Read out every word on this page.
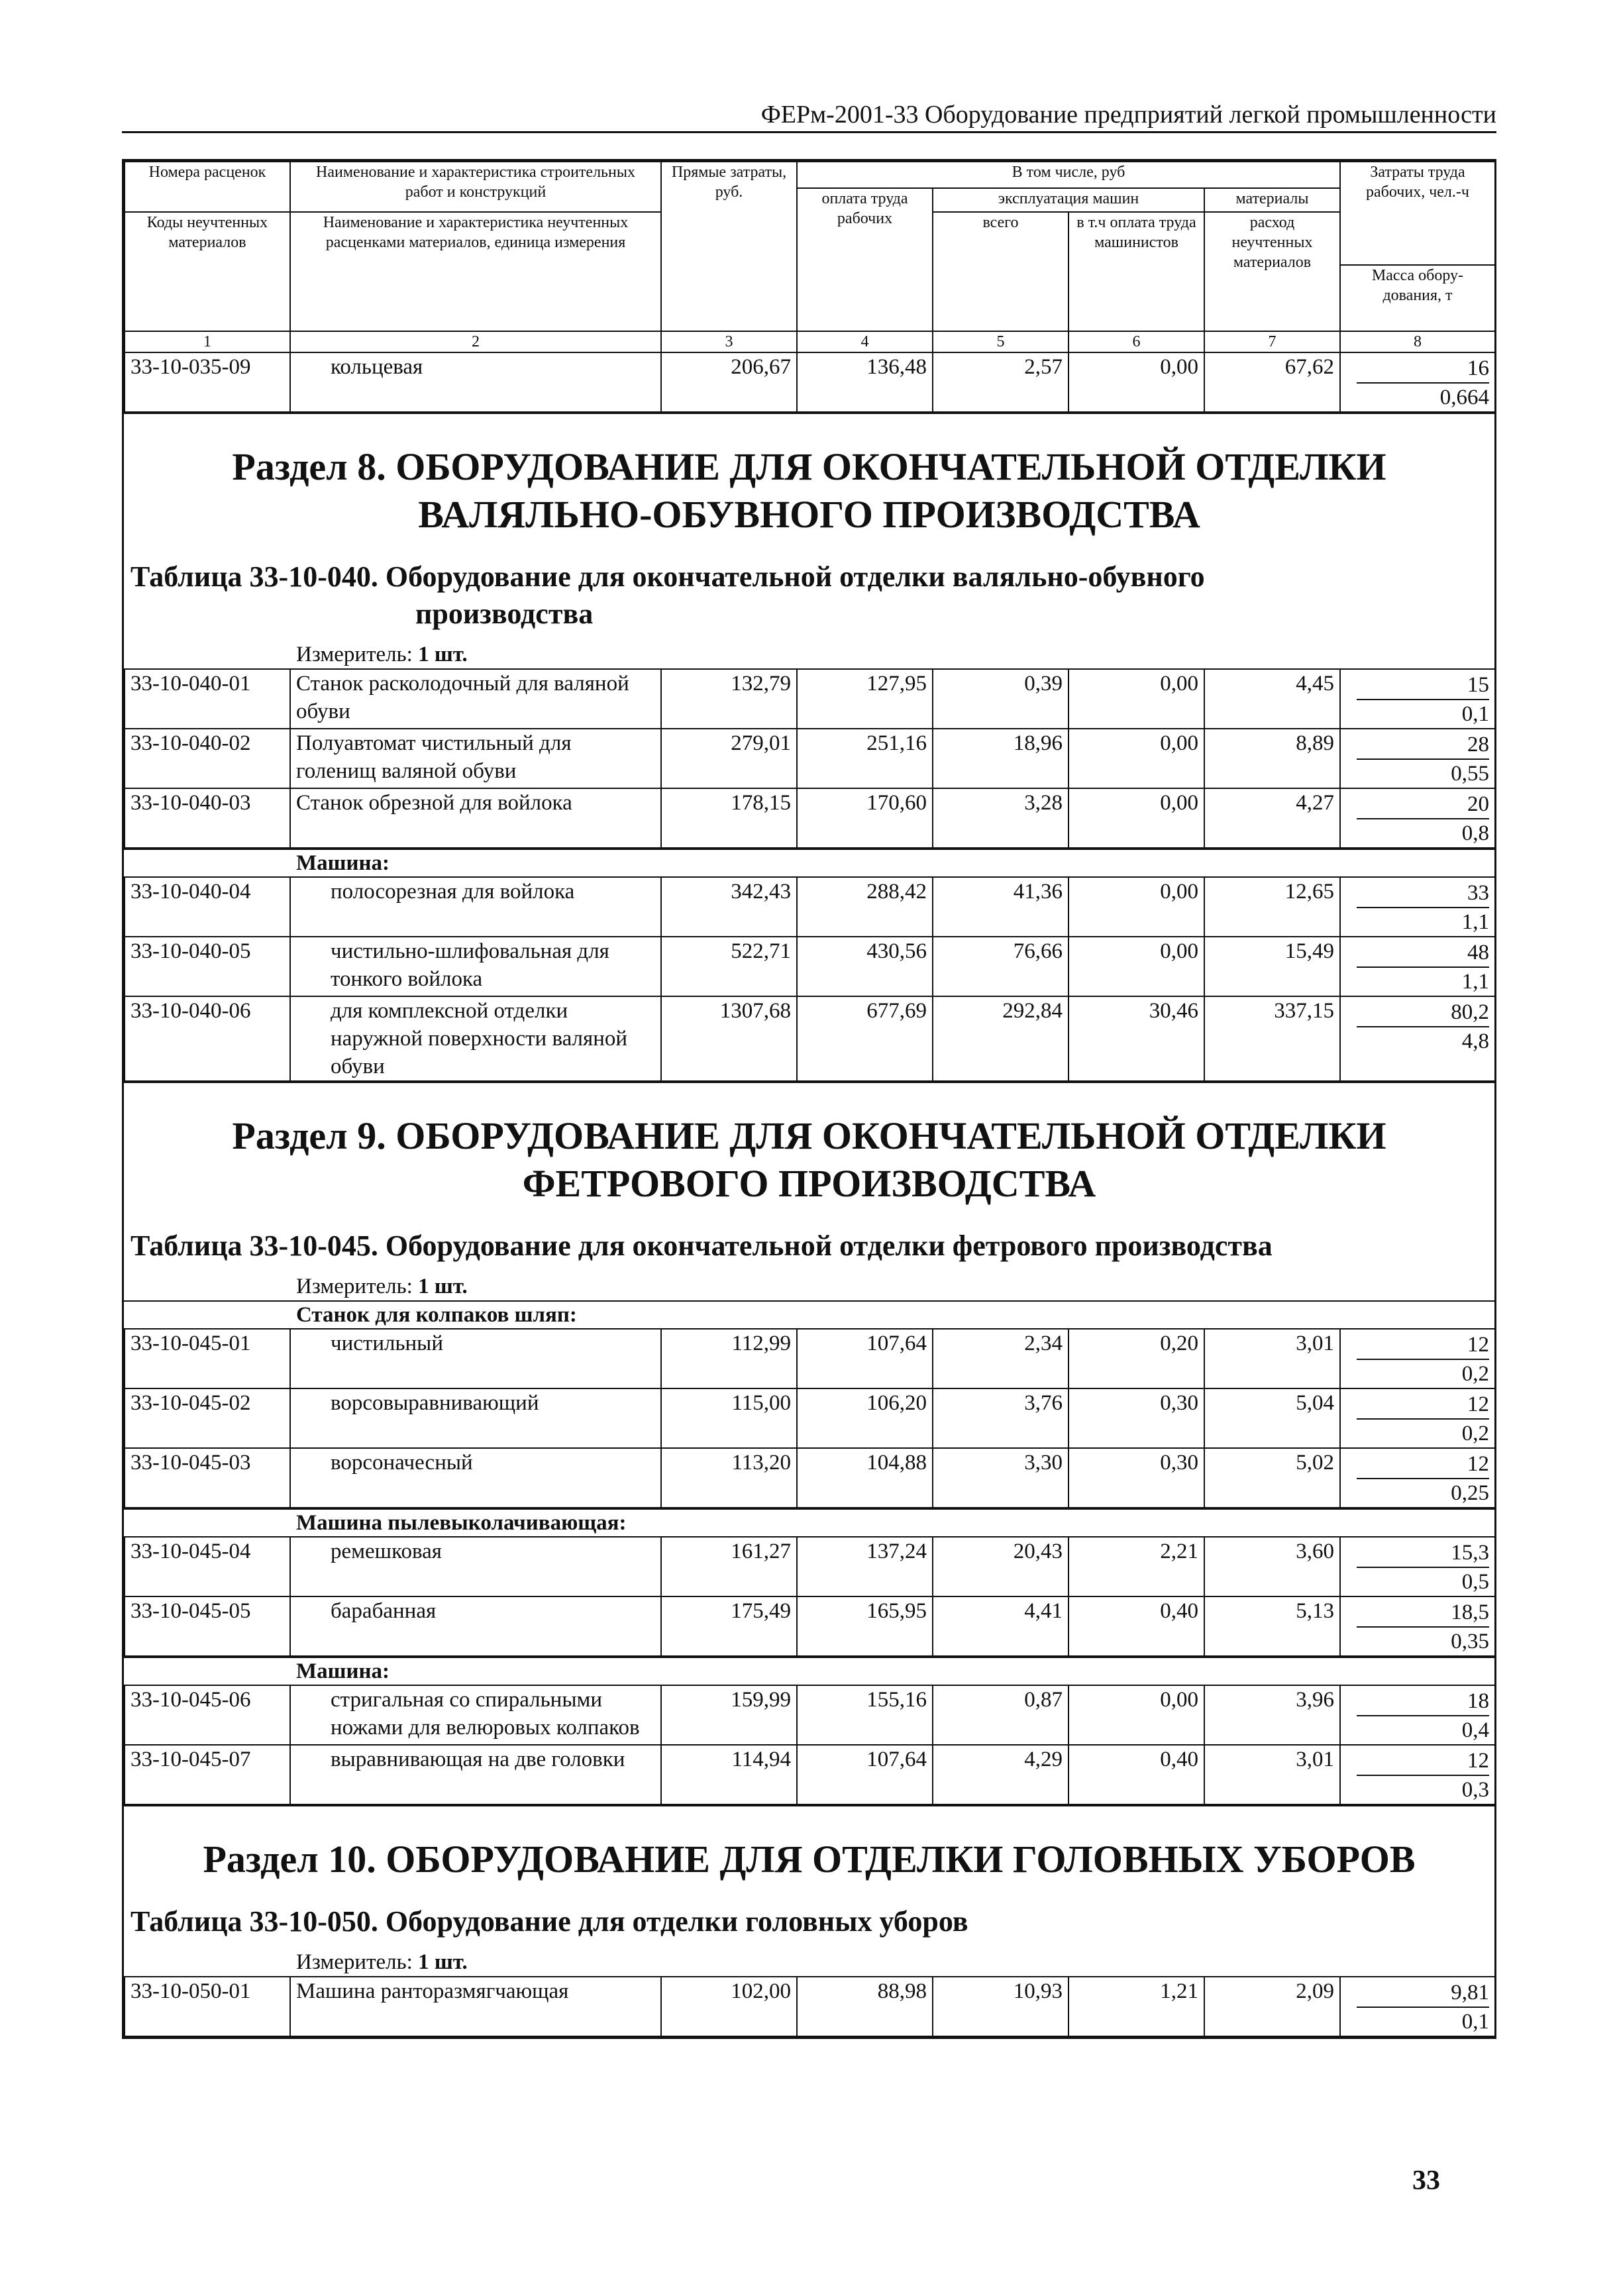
ФЕРм-2001-33 Оборудование предприятий легкой промышленности
Номера расценок	Наименование и характеристика строительных работ и конструкций	Прямые затраты, руб.	В том числе, руб				Затраты труда рабочих, чел.-ч
			оплата труда рабочих	эксплуатация машин		материалы	
Коды неучтенных материалов	Наименование и характеристика неучтенных расценками материалов, единица измерения			всего	в т.ч оплата труда машинистов	расход неучтенных материалов	
							Масса обору-дования, т
1	2	3	4	5	6	7	8
33-10-035-09	кольцевая	206,67	136,48	2,57	0,00	67,62	16
0,664
Раздел 8. ОБОРУДОВАНИЕ ДЛЯ ОКОНЧАТЕЛЬНОЙ ОТДЕЛКИ
ВАЛЯЛЬНО-ОБУВНОГО ПРОИЗВОДСТВА
Таблица 33-10-040. Оборудование для окончательной отделки валяльно-обувного
производства
Измеритель: 1 шт.
33-10-040-01	Станок расколодочный для валяной обуви	132,79	127,95	0,39	0,00	4,45	15
0,1

33-10-040-02	Полуавтомат чистильный для голенищ валяной обуви	279,01	251,16	18,96	0,00	8,89	28
0,55

33-10-040-03	Станок обрезной для войлока	178,15	170,60	3,28	0,00	4,27	20
0,8
Машина:
33-10-040-04	полосорезная для войлока	342,43	288,42	41,36	0,00	12,65	33
1,1

33-10-040-05	чистильно-шлифовальная для тонкого войлока	522,71	430,56	76,66	0,00	15,49	48
1,1

33-10-040-06	для комплексной отделки наружной поверхности валяной обуви	1307,68	677,69	292,84	30,46	337,15	80,2
4,8
Раздел 9. ОБОРУДОВАНИЕ ДЛЯ ОКОНЧАТЕЛЬНОЙ ОТДЕЛКИ
ФЕТРОВОГО ПРОИЗВОДСТВА
Таблица 33-10-045. Оборудование для окончательной отделки фетрового производства
Измеритель: 1 шт.
Станок для колпаков шляп:
33-10-045-01	чистильный	112,99	107,64	2,34	0,20	3,01	12
0,2

33-10-045-02	ворсовыравнивающий	115,00	106,20	3,76	0,30	5,04	12
0,2

33-10-045-03	ворсоначесный	113,20	104,88	3,30	0,30	5,02	12
0,25
Машина пылевыколачивающая:
33-10-045-04	ремешковая	161,27	137,24	20,43	2,21	3,60	15,3
0,5

33-10-045-05	барабанная	175,49	165,95	4,41	0,40	5,13	18,5
0,35
Машина:
33-10-045-06	стригальная со спиральными ножами для велюровых колпаков	159,99	155,16	0,87	0,00	3,96	18
0,4

33-10-045-07	выравнивающая на две головки	114,94	107,64	4,29	0,40	3,01	12
0,3
Раздел 10. ОБОРУДОВАНИЕ ДЛЯ ОТДЕЛКИ ГОЛОВНЫХ УБОРОВ
Таблица 33-10-050. Оборудование для отделки головных уборов
Измеритель: 1 шт.
33-10-050-01	Машина ранторазмягчающая	102,00	88,98	10,93	1,21	2,09	9,81
0,1
33
